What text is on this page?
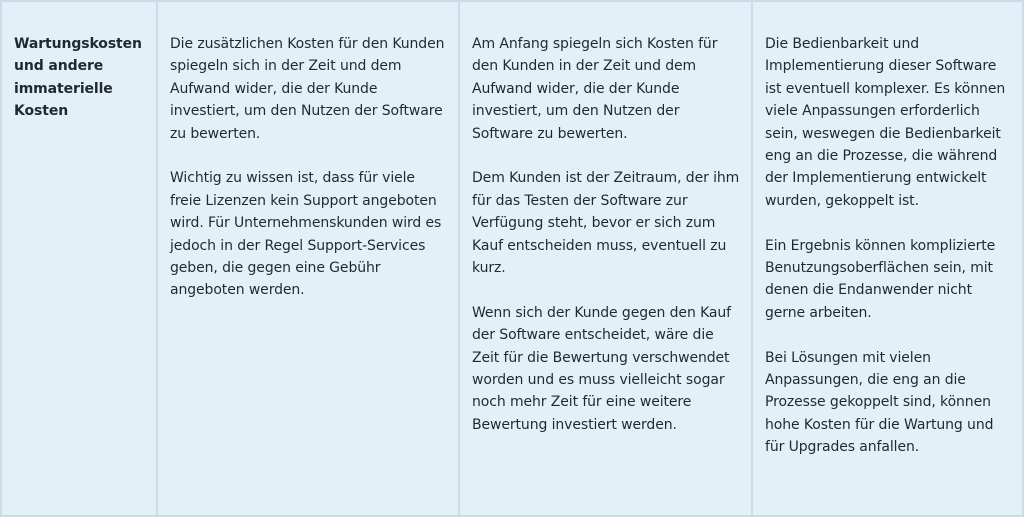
Wartungskosten und andere immaterielle Kosten

Die zusätzlichen Kosten für den Kunden spiegeln sich in der Zeit und dem Aufwand wider, die der Kunde investiert, um den Nutzen der Software zu bewerten.

Wichtig zu wissen ist, dass für viele freie Lizenzen kein Support angeboten wird. Für Unternehmenskunden wird es jedoch in der Regel Support-Services geben, die gegen eine Gebühr angeboten werden.

Am Anfang spiegeln sich Kosten für den Kunden in der Zeit und dem Aufwand wider, die der Kunde investiert, um den Nutzen der Software zu bewerten.

Dem Kunden ist der Zeitraum, der ihm für das Testen der Software zur Verfügung steht, bevor er sich zum Kauf entscheiden muss, eventuell zu kurz.

Wenn sich der Kunde gegen den Kauf der Software entscheidet, wäre die Zeit für die Bewertung verschwendet worden und es muss vielleicht sogar noch mehr Zeit für eine weitere Bewertung investiert werden.

Die Bedienbarkeit und Implementierung dieser Software ist eventuell komplexer. Es können viele Anpassungen erforderlich sein, weswegen die Bedienbarkeit eng an die Prozesse, die während der Implementierung entwickelt wurden, gekoppelt ist.

Ein Ergebnis können komplizierte Benutzungsoberflächen sein, mit denen die Endanwender nicht gerne arbeiten.

Bei Lösungen mit vielen Anpassungen, die eng an die Prozesse gekoppelt sind, können hohe Kosten für die Wartung und für Upgrades anfallen.
